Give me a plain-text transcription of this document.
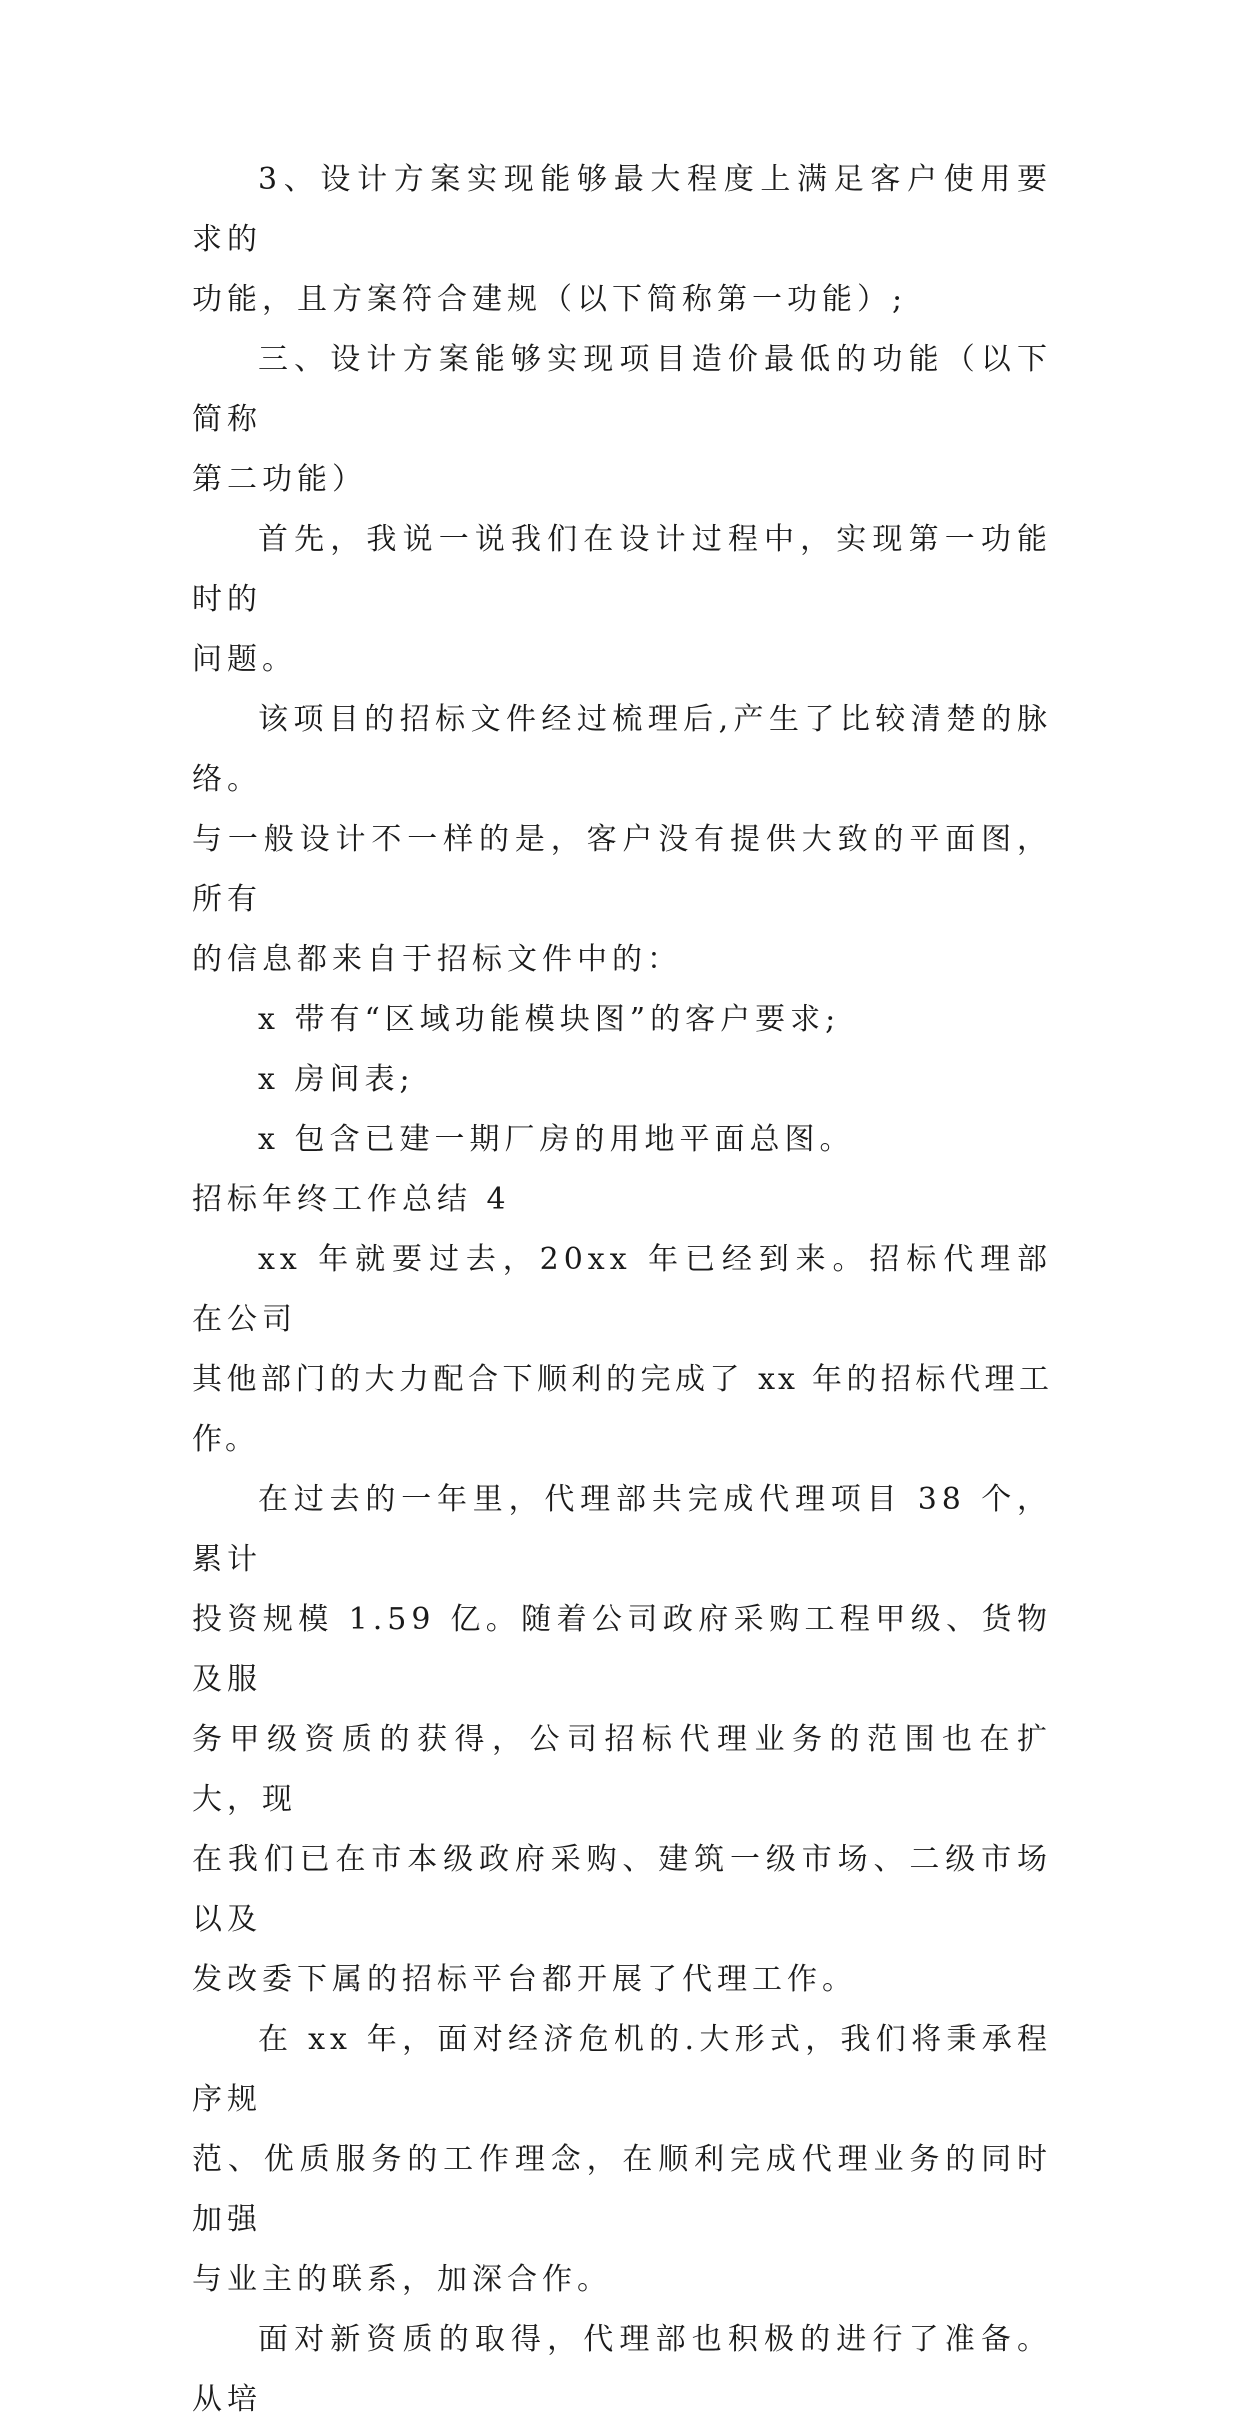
3、设计方案实现能够最大程度上满足客户使用要求的
功能，且方案符合建规（以下简称第一功能）;

三、设计方案能够实现项目造价最低的功能（以下简称
第二功能）

首先，我说一说我们在设计过程中，实现第一功能时的
问题。

该项目的招标文件经过梳理后,产生了比较清楚的脉络。
与一般设计不一样的是，客户没有提供大致的平面图，所有
的信息都来自于招标文件中的：

x 带有“区域功能模块图”的客户要求;

x 房间表;

x 包含已建一期厂房的用地平面总图。

招标年终工作总结 4

xx 年就要过去，20xx 年已经到来。招标代理部在公司
其他部门的大力配合下顺利的完成了 xx 年的招标代理工作。

在过去的一年里，代理部共完成代理项目 38 个，累计
投资规模 1.59 亿。随着公司政府采购工程甲级、货物及服
务甲级资质的获得，公司招标代理业务的范围也在扩大，现
在我们已在市本级政府采购、建筑一级市场、二级市场以及
发改委下属的招标平台都开展了代理工作。

在 xx 年，面对经济危机的.大形式，我们将秉承程序规
范、优质服务的工作理念，在顺利完成代理业务的同时加强
与业主的联系，加深合作。

面对新资质的取得，代理部也积极的进行了准备。从培
